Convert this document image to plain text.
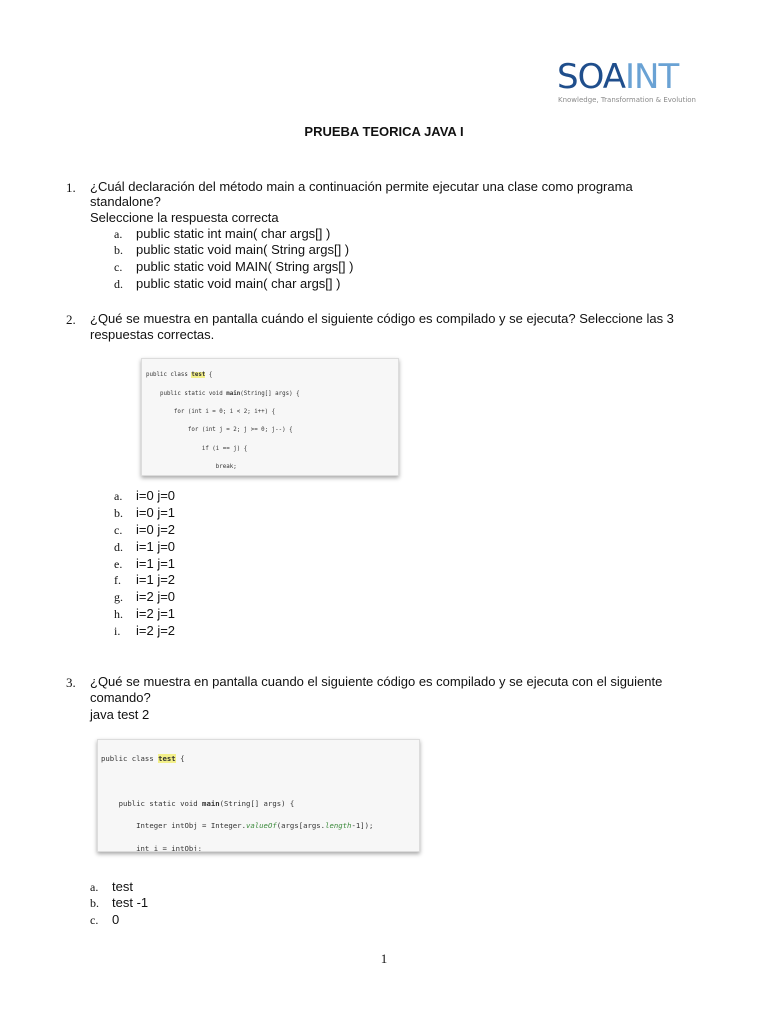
SOAINT
Knowledge, Transformation & Evolution
PRUEBA TEORICA JAVA I
1. ¿Cuál declaración del método main a continuación permite ejecutar una clase como programa
standalone?
Seleccione la respuesta correcta
a. public static int main( char args[] )
b. public static void main( String args[] )
c. public static void MAIN( String args[] )
d. public static void main( char args[] )
2. ¿Qué se muestra en pantalla cuándo el siguiente código es compilado y se ejecuta? Seleccione las 3
respuestas correctas.

public class test {

public static void main(String[] args) {

for (int i = 0; i < 2; i++) {

for (int j = 2; j >= 0; j--) {

if (i == j) {

break;

a. i=0 j=0
b. i=0 j=1
c. i=0 j=2
d. i=1 j=0
e. i=1 j=1
f. i=1 j=2
g. i=2 j=0
h. i=2 j=1
i. i=2 j=2
3. ¿Qué se muestra en pantalla cuando el siguiente código es compilado y se ejecuta con el siguiente
comando?
java test 2

public class test {

public static void main(String[] args) {

Integer intObj = Integer.valueOf(args[args.length-1]);

int i = intObj;

a. test
b. test -1
c. 0
1
